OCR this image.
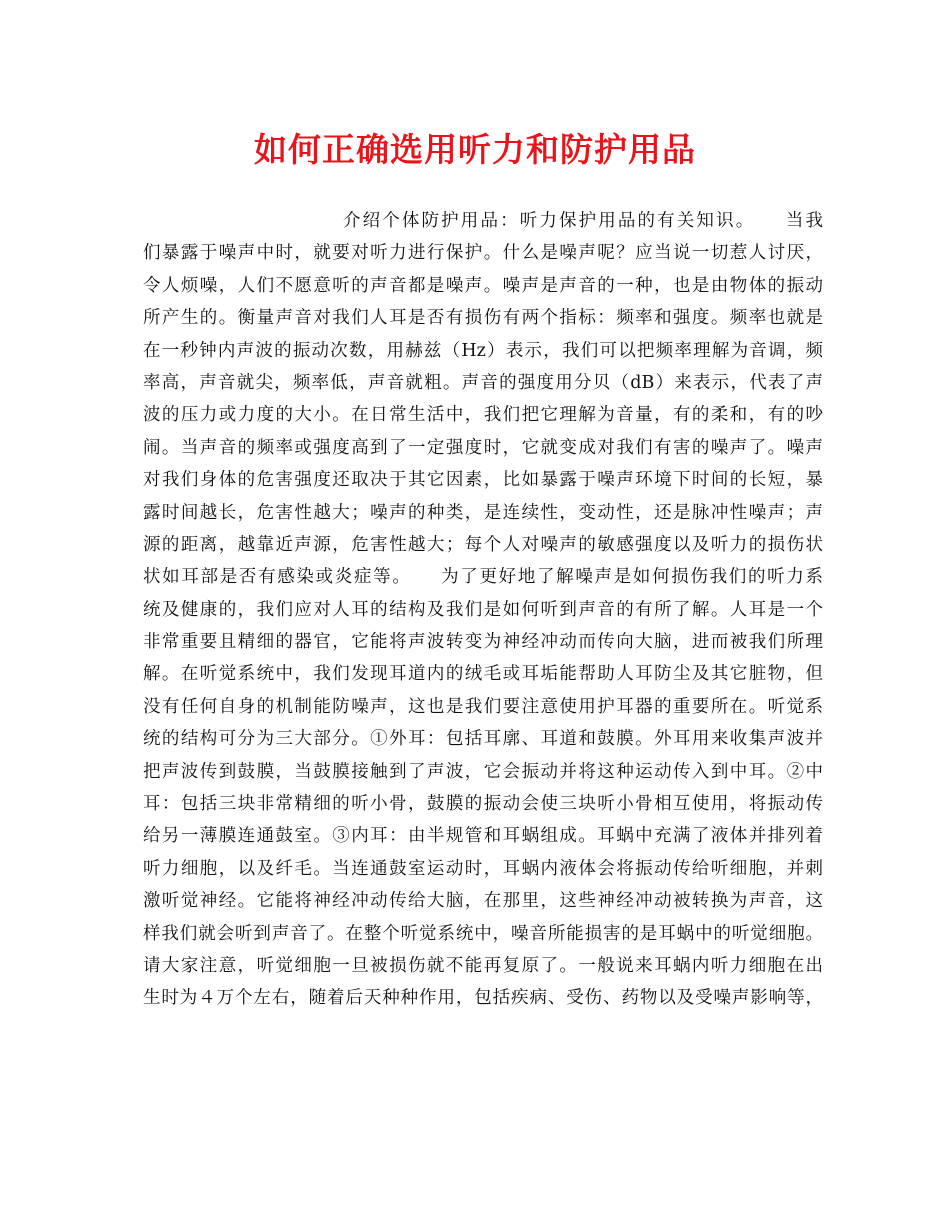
如何正确选用听力和防护用品
介绍个体防护用品：听力保护用品的有关知识。　　当我
们暴露于噪声中时，就要对听力进行保护。什么是噪声呢？应当说一切惹人讨厌，
令人烦噪，人们不愿意听的声音都是噪声。噪声是声音的一种，也是由物体的振动
所产生的。衡量声音对我们人耳是否有损伤有两个指标：频率和强度。频率也就是
在一秒钟内声波的振动次数，用赫兹（Hz）表示，我们可以把频率理解为音调，频
率高，声音就尖，频率低，声音就粗。声音的强度用分贝（dB）来表示，代表了声
波的压力或力度的大小。在日常生活中，我们把它理解为音量，有的柔和，有的吵
闹。当声音的频率或强度高到了一定强度时，它就变成对我们有害的噪声了。噪声
对我们身体的危害强度还取决于其它因素，比如暴露于噪声环境下时间的长短，暴
露时间越长，危害性越大；噪声的种类，是连续性，变动性，还是脉冲性噪声；声
源的距离，越靠近声源，危害性越大；每个人对噪声的敏感强度以及听力的损伤状
状如耳部是否有感染或炎症等。　　为了更好地了解噪声是如何损伤我们的听力系
统及健康的，我们应对人耳的结构及我们是如何听到声音的有所了解。人耳是一个
非常重要且精细的器官，它能将声波转变为神经冲动而传向大脑，进而被我们所理
解。在听觉系统中，我们发现耳道内的绒毛或耳垢能帮助人耳防尘及其它脏物，但
没有任何自身的机制能防噪声，这也是我们要注意使用护耳器的重要所在。听觉系
统的结构可分为三大部分。①外耳：包括耳廓、耳道和鼓膜。外耳用来收集声波并
把声波传到鼓膜，当鼓膜接触到了声波，它会振动并将这种运动传入到中耳。②中
耳：包括三块非常精细的听小骨，鼓膜的振动会使三块听小骨相互使用，将振动传
给另一薄膜连通鼓室。③内耳：由半规管和耳蜗组成。耳蜗中充满了液体并排列着
听力细胞，以及纤毛。当连通鼓室运动时，耳蜗内液体会将振动传给听细胞，并刺
激听觉神经。它能将神经冲动传给大脑，在那里，这些神经冲动被转换为声音，这
样我们就会听到声音了。在整个听觉系统中，噪音所能损害的是耳蜗中的听觉细胞。
请大家注意，听觉细胞一旦被损伤就不能再复原了。一般说来耳蜗内听力细胞在出
生时为４万个左右，随着后天种种作用，包括疾病、受伤、药物以及受噪声影响等，
